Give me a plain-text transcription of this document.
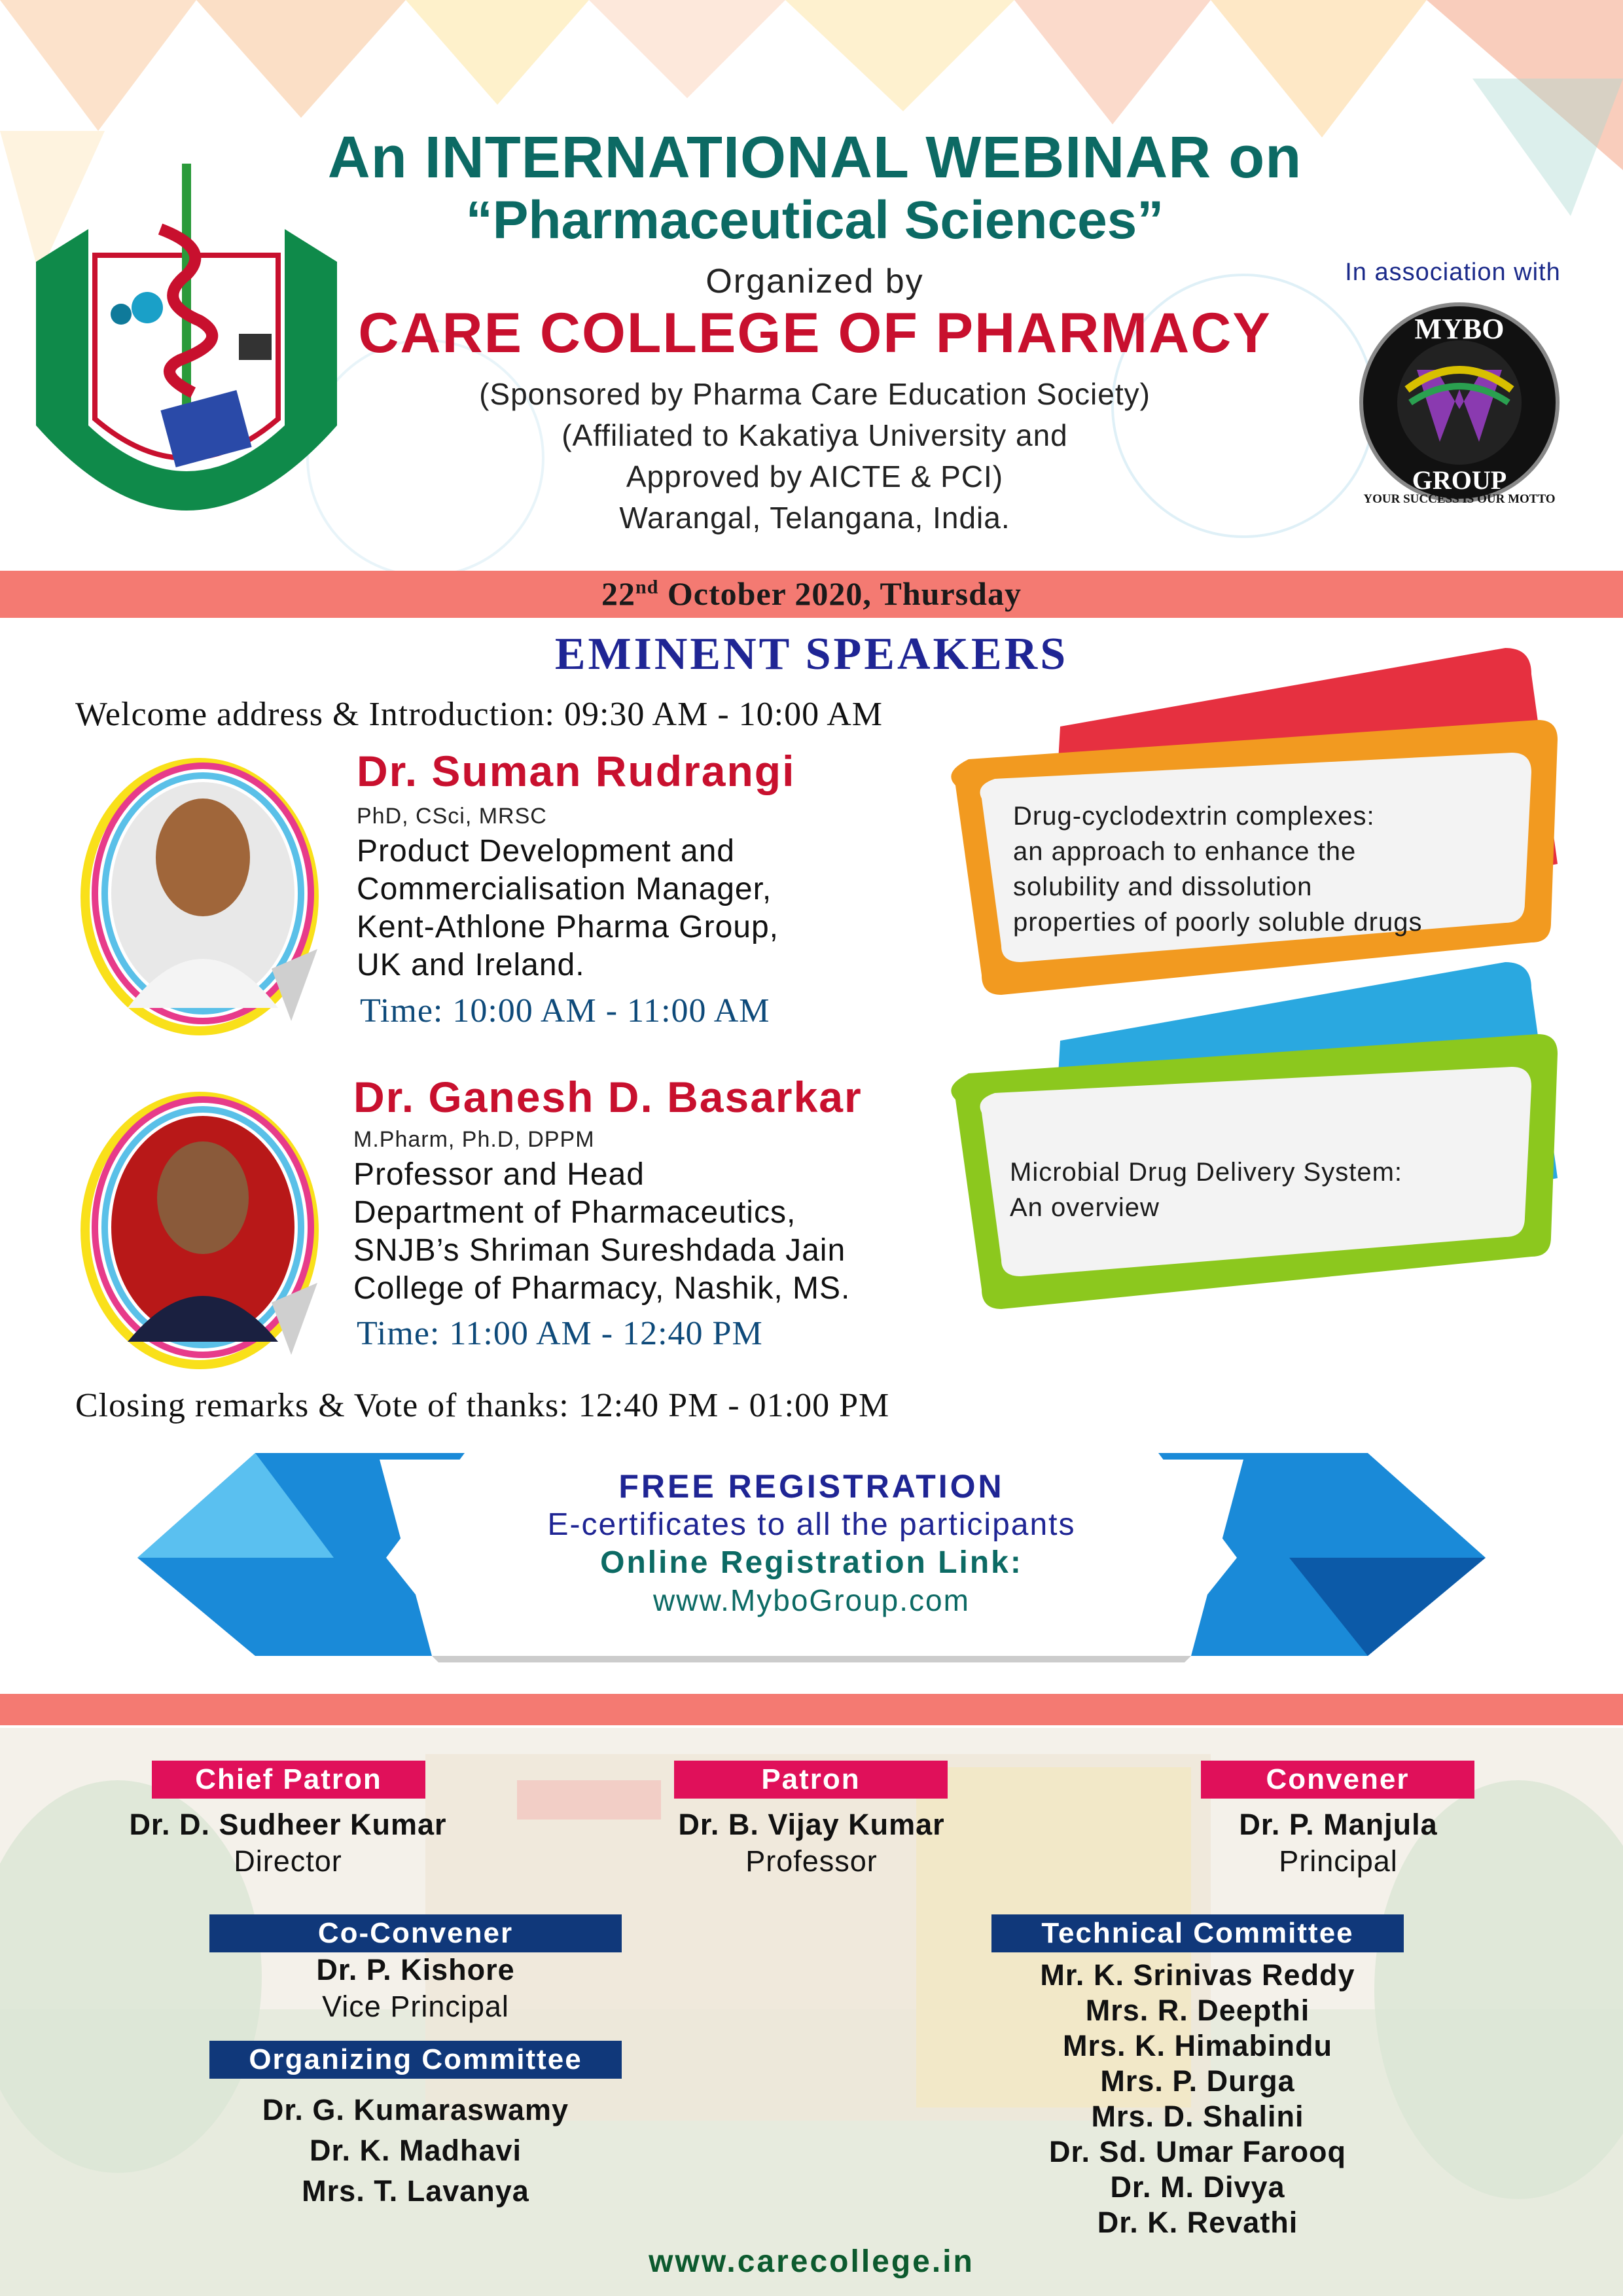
An INTERNATIONAL WEBINAR on
“Pharmaceutical Sciences”
Organized by
CARE COLLEGE OF PHARMACY
(Sponsored by Pharma Care Education Society)
(Affiliated to Kakatiya University and
Approved by AICTE & PCI)
Warangal, Telangana, India.
In association with
MYBO
GROUP
YOUR SUCCESS IS OUR MOTTO
22nd October 2020, Thursday
EMINENT SPEAKERS
Welcome address & Introduction: 09:30 AM - 10:00 AM
Dr. Suman Rudrangi
PhD, CSci, MRSC
Product Development and
Commercialisation Manager,
Kent-Athlone Pharma Group,
UK and Ireland.
Time: 10:00 AM - 11:00 AM
Drug-cyclodextrin complexes:
an approach to enhance the
solubility and dissolution
properties of poorly soluble drugs
Dr. Ganesh D. Basarkar
M.Pharm, Ph.D, DPPM
Professor and Head
Department of Pharmaceutics,
SNJB’s Shriman Sureshdada Jain
College of Pharmacy, Nashik, MS.
Time: 11:00 AM - 12:40 PM
Microbial Drug Delivery System:
An overview
Closing remarks & Vote of thanks: 12:40 PM - 01:00 PM
FREE REGISTRATION
E-certificates to all the participants
Online Registration Link:
www.MyboGroup.com
Chief Patron
Dr. D. Sudheer Kumar
Director
Patron
Dr. B. Vijay Kumar
Professor
Convener
Dr. P. Manjula
Principal
Co-Convener
Dr. P. Kishore
Vice Principal
Organizing Committee
Dr. G. Kumaraswamy
Dr. K. Madhavi
Mrs. T. Lavanya
Technical Committee
Mr. K. Srinivas Reddy
Mrs. R. Deepthi
Mrs. K. Himabindu
Mrs. P. Durga
Mrs. D. Shalini
Dr. Sd. Umar Farooq
Dr. M. Divya
Dr. K. Revathi
www.carecollege.in
